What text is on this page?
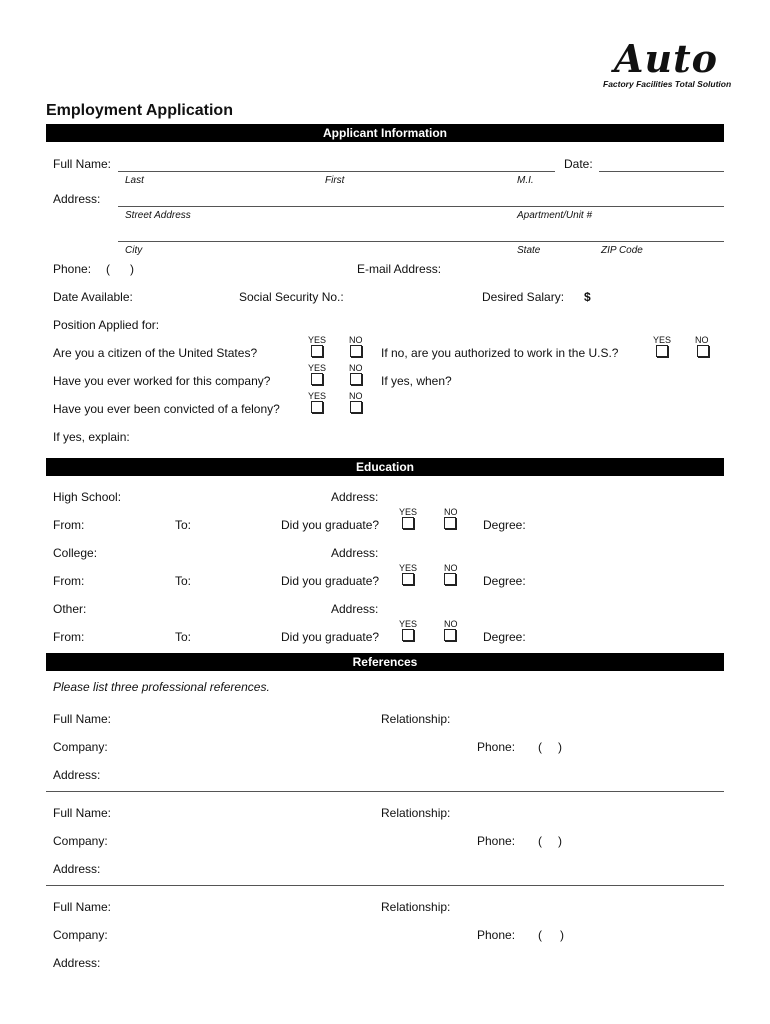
Auto
Factory Facilities Total Solution
Employment Application
Applicant Information
Full Name:	Date:
Last	First	M.I.
Address:
Street Address	Apartment/Unit #
City	State	ZIP Code
Phone: ( )	E-mail Address:
Date Available:	Social Security No.:	Desired Salary: $
Position Applied for:
YES	NO	YES	NO
Are you a citizen of the United States?	If no, are you authorized to work in the U.S.?
YES	NO
Have you ever worked for this company?	If yes, when?
YES	NO
Have you ever been convicted of a felony?
If yes, explain:
Education
High School:	Address:
YES	NO
From:	To:	Did you graduate?	Degree:
College:	Address:
YES	NO
From:	To:	Did you graduate?	Degree:
Other:	Address:
YES	NO
From:	To:	Did you graduate?	Degree:
References
Please list three professional references.
Full Name:	Relationship:
Company:	Phone: ( )
Address:
Full Name:	Relationship:
Company:	Phone: ( )
Address:
Full Name:	Relationship:
Company:	Phone: ( )
Address:
